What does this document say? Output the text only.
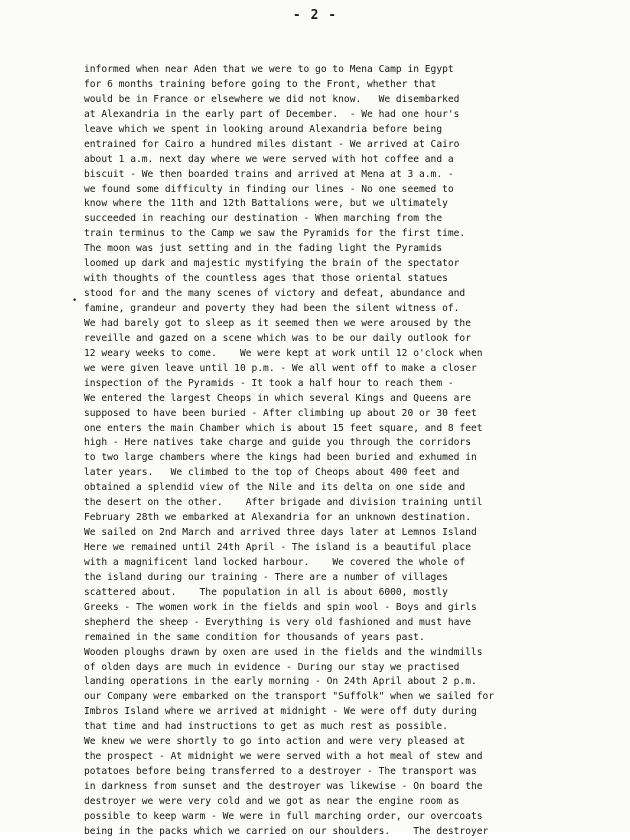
- 2 -
•
informed when near Aden that we were to go to Mena Camp in Egypt
for 6 months training before going to the Front, whether that
would be in France or elsewhere we did not know.   We disembarked
at Alexandria in the early part of December.  - We had one hour's
leave which we spent in looking around Alexandria before being
entrained for Cairo a hundred miles distant - We arrived at Cairo
about 1 a.m. next day where we were served with hot coffee and a
biscuit - We then boarded trains and arrived at Mena at 3 a.m. -
we found some difficulty in finding our lines - No one seemed to
know where the 11th and 12th Battalions were, but we ultimately
succeeded in reaching our destination - When marching from the
train terminus to the Camp we saw the Pyramids for the first time.
The moon was just setting and in the fading light the Pyramids
loomed up dark and majestic mystifying the brain of the spectator
with thoughts of the countless ages that those oriental statues
stood for and the many scenes of victory and defeat, abundance and
famine, grandeur and poverty they had been the silent witness of.
We had barely got to sleep as it seemed then we were aroused by the
reveille and gazed on a scene which was to be our daily outlook for
12 weary weeks to come.    We were kept at work until 12 o'clock when
we were given leave until 10 p.m. - We all went off to make a closer
inspection of the Pyramids - It took a half hour to reach them -
We entered the largest Cheops in which several Kings and Queens are
supposed to have been buried - After climbing up about 20 or 30 feet
one enters the main Chamber which is about 15 feet square, and 8 feet
high - Here natives take charge and guide you through the corridors
to two large chambers where the kings had been buried and exhumed in
later years.   We climbed to the top of Cheops about 400 feet and
obtained a splendid view of the Nile and its delta on one side and
the desert on the other.    After brigade and division training until
February 28th we embarked at Alexandria for an unknown destination.
We sailed on 2nd March and arrived three days later at Lemnos Island
Here we remained until 24th April - The island is a beautiful place
with a magnificent land locked harbour.    We covered the whole of
the island during our training - There are a number of villages
scattered about.    The population in all is about 6000, mostly
Greeks - The women work in the fields and spin wool - Boys and girls
shepherd the sheep - Everything is very old fashioned and must have
remained in the same condition for thousands of years past.
Wooden ploughs drawn by oxen are used in the fields and the windmills
of olden days are much in evidence - During our stay we practised
landing operations in the early morning - On 24th April about 2 p.m.
our Company were embarked on the transport "Suffolk" when we sailed for
Imbros Island where we arrived at midnight - We were off duty during
that time and had instructions to get as much rest as possible.
We knew we were shortly to go into action and were very pleased at
the prospect - At midnight we were served with a hot meal of stew and
potatoes before being transferred to a destroyer - The transport was
in darkness from sunset and the destroyer was likewise - On board the
destroyer we were very cold and we got as near the engine room as
possible to keep warm - We were in full marching order, our overcoats
being in the packs which we carried on our shoulders.    The destroyer
